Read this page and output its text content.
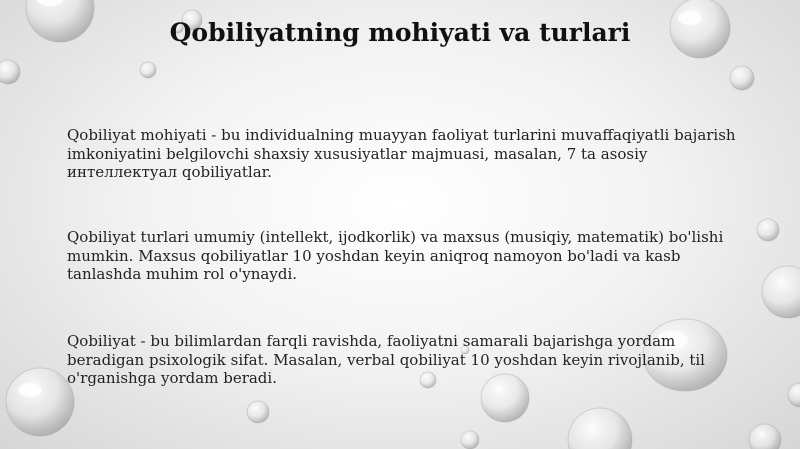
Qobiliyatning mohiyati va turlari
Qobiliyat mohiyati - bu individualning muayyan faoliyat turlarini muvaffaqiyatli bajarish imkoniyatini belgilovchi shaxsiy xususiyatlar majmuasi, masalan, 7 ta asosiy интеллектуал qobiliyatlar.
Qobiliyat turlari umumiy (intellekt, ijodkorlik) va maxsus (musiqiy, matematik) bo'lishi mumkin. Maxsus qobiliyatlar 10 yoshdan keyin aniqroq namoyon bo'ladi va kasb tanlashda muhim rol o'ynaydi.
Qobiliyat - bu bilimlardan farqli ravishda, faoliyatni samarali bajarishga yordam beradigan psixologik sifat. Masalan, verbal qobiliyat 10 yoshdan keyin rivojlanib, til o'rganishga yordam beradi.
